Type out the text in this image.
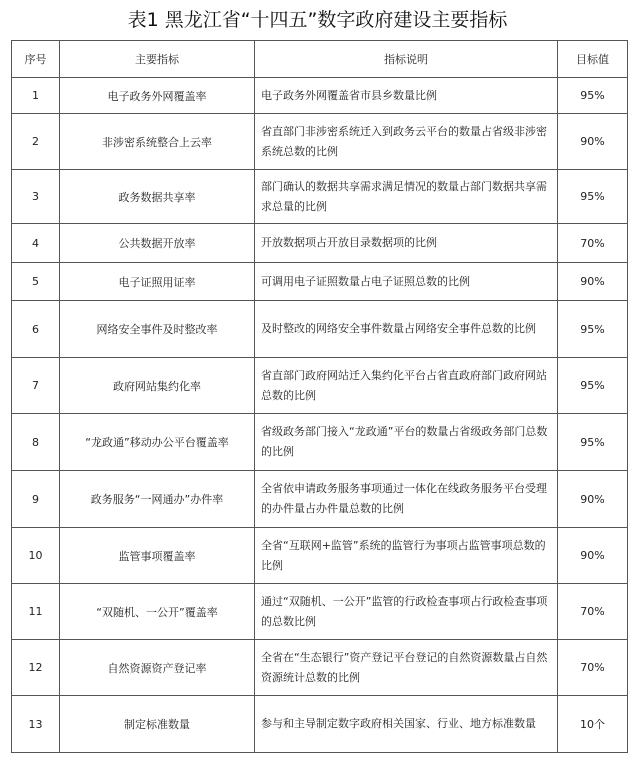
表1 黑龙江省“十四五”数字政府建设主要指标
序号	主要指标	指标说明	目标值
1	电子政务外网覆盖率	电子政务外网覆盖省市县乡数量比例	95%
2	非涉密系统整合上云率	省直部门非涉密系统迁入到政务云平台的数量占省级非涉密系统总数的比例	90%
3	政务数据共享率	部门确认的数据共享需求满足情况的数量占部门数据共享需求总量的比例	95%
4	公共数据开放率	开放数据项占开放目录数据项的比例	70%
5	电子证照用证率	可调用电子证照数量占电子证照总数的比例	90%
6	网络安全事件及时整改率	及时整改的网络安全事件数量占网络安全事件总数的比例	95%
7	政府网站集约化率	省直部门政府网站迁入集约化平台占省直政府部门政府网站总数的比例	95%
8	“龙政通”移动办公平台覆盖率	省级政务部门接入“龙政通”平台的数量占省级政务部门总数的比例	95%
9	政务服务“一网通办”办件率	全省依申请政务服务事项通过一体化在线政务服务平台受理的办件量占办件量总数的比例	90%
10	监管事项覆盖率	全省“互联网+监管”系统的监管行为事项占监管事项总数的比例	90%
11	“双随机、一公开”覆盖率	通过“双随机、一公开”监管的行政检查事项占行政检查事项的总数比例	70%
12	自然资源资产登记率	全省在“生态银行”资产登记平台登记的自然资源数量占自然资源统计总数的比例	70%
13	制定标准数量	参与和主导制定数字政府相关国家、行业、地方标准数量	10个
